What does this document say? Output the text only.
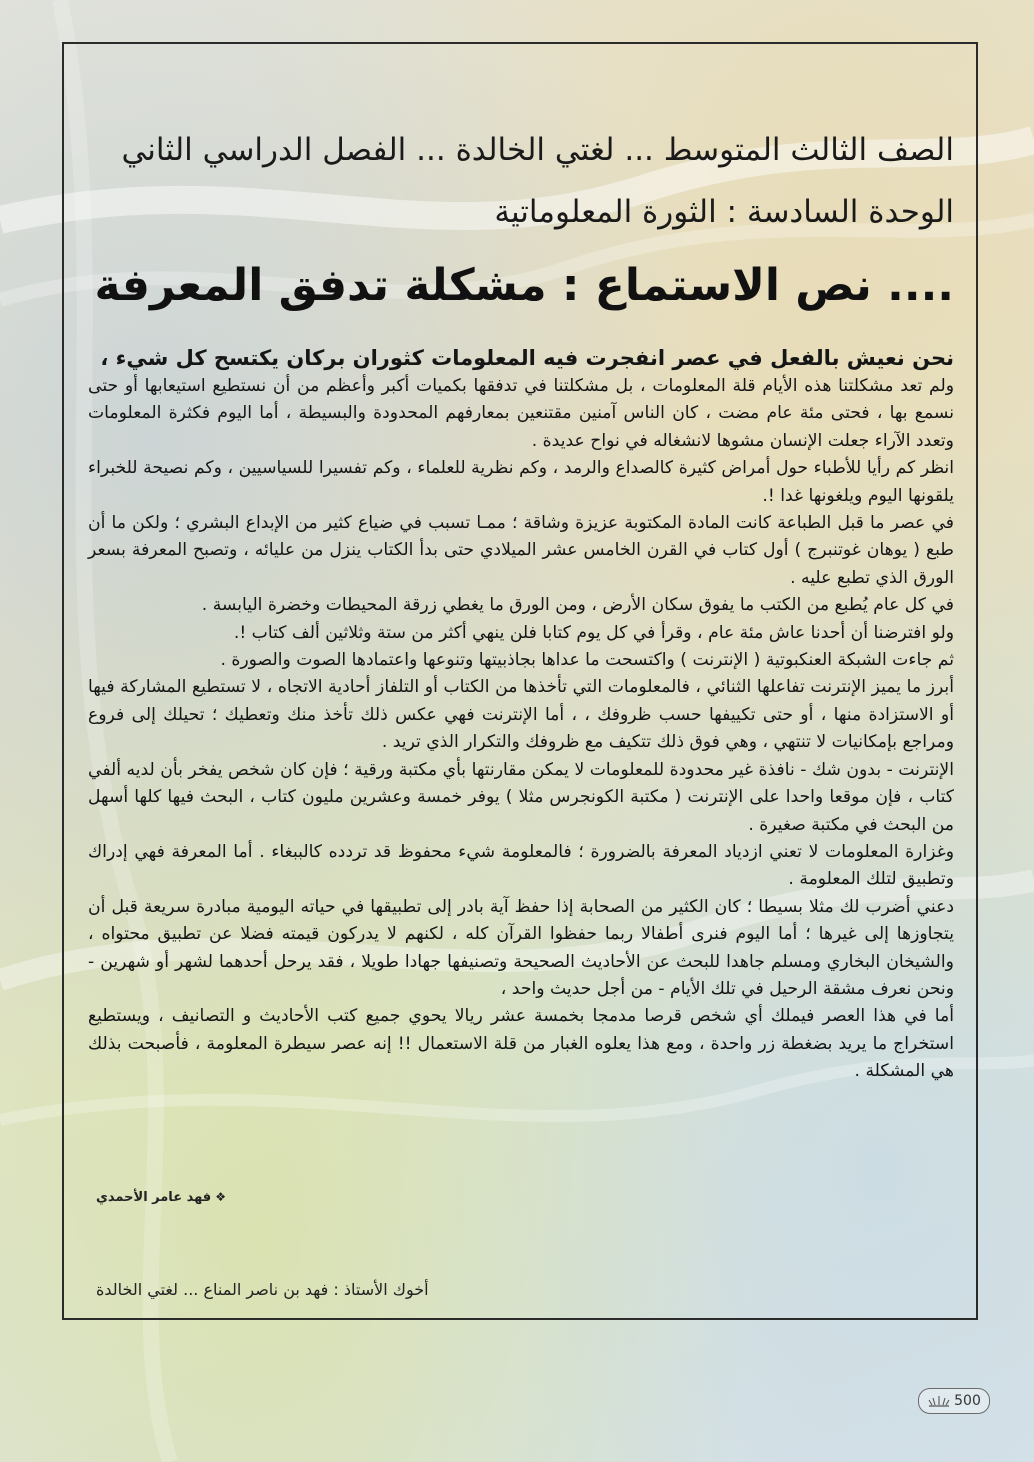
الصف الثالث المتوسط ... لغتي الخالدة ... الفصل الدراسي الثاني
الوحدة السادسة : الثورة المعلوماتية
.... نص الاستماع : مشكلة تدفق المعرفة

نحن نعيش بالفعل في عصر انفجرت فيه المعلومات كثوران بركان يكتسح كل شيء ،

ولم تعد مشكلتنا هذه الأيام قلة المعلومات ، بل مشكلتنا في تدفقها بكميات أكبر وأعظم من أن نستطيع استيعابها أو حتى نسمع بها ، فحتى مئة عام مضت ، كان الناس آمنين مقتنعين بمعارفهم المحدودة والبسيطة ، أما اليوم فكثرة المعلومات وتعدد الآراء جعلت الإنسان مشوها لانشغاله في نواح عديدة .

انظر كم رأيا للأطباء حول أمراض كثيرة كالصداع والرمد ، وكم نظرية للعلماء ، وكم تفسيرا للسياسيين ، وكم نصيحة للخبراء يلقونها اليوم ويلغونها غدا !.

في عصر ما قبل الطباعة كانت المادة المكتوبة عزيزة وشاقة ؛ ممـا تسبب في ضياع كثير من الإبداع البشري ؛ ولكن ما أن طبع ( يوهان غوتنبرج ) أول كتاب في القرن الخامس عشر الميلادي حتى بدأ الكتاب ينزل من عليائه ، وتصبح المعرفة بسعر الورق الذي تطبع عليه .

في كل عام يُطبع من الكتب ما يفوق سكان الأرض ، ومن الورق ما يغطي زرقة المحيطات وخضرة اليابسة .

ولو افترضنا أن أحدنا عاش مئة عام ، وقرأ في كل يوم كتابا فلن ينهي أكثر من ستة وثلاثين ألف كتاب !.

ثم جاءت الشبكة العنكبوتية ( الإنترنت ) واكتسحت ما عداها بجاذبيتها وتنوعها واعتمادها الصوت والصورة .

أبرز ما يميز الإنترنت تفاعلها الثنائي ، فالمعلومات التي تأخذها من الكتاب أو التلفاز أحادية الاتجاه ، لا تستطيع المشاركة فيها أو الاستزادة منها ، أو حتى تكييفها حسب ظروفك ، ، أما الإنترنت فهي عكس ذلك تأخذ منك وتعطيك ؛ تحيلك إلى فروع ومراجع بإمكانيات لا تنتهي ، وهي فوق ذلك تتكيف مع ظروفك والتكرار الذي تريد .

الإنترنت - بدون شك - نافذة غير محدودة للمعلومات لا يمكن مقارنتها بأي مكتبة ورقية ؛ فإن كان شخص يفخر بأن لديه ألفي كتاب ، فإن موقعا واحدا على الإنترنت ( مكتبة الكونجرس مثلا ) يوفر خمسة وعشرين مليون كتاب ، البحث فيها كلها أسهل من البحث في مكتبة صغيرة .

وغزارة المعلومات لا تعني ازدياد المعرفة بالضرورة ؛ فالمعلومة شيء محفوظ قد تردده كالببغاء . أما المعرفة فهي إدراك وتطبيق لتلك المعلومة .

دعني أضرب لك مثلا بسيطا ؛ كان الكثير من الصحابة إذا حفظ آية بادر إلى تطبيقها في حياته اليومية مبادرة سريعة قبل أن يتجاوزها إلى غيرها ؛ أما اليوم فنرى أطفالا ربما حفظوا القرآن كله ، لكنهم لا يدركون قيمته فضلا عن تطبيق محتواه ، والشيخان البخاري ومسلم جاهدا للبحث عن الأحاديث الصحيحة وتصنيفها جهادا طويلا ، فقد يرحل أحدهما لشهر أو شهرين - ونحن نعرف مشقة الرحيل في تلك الأيام - من أجل حديث واحد ،

أما في هذا العصر فيملك أي شخص قرصا مدمجا بخمسة عشر ريالا يحوي جميع كتب الأحاديث و التصانيف ، ويستطيع استخراج ما يريد بضغطة زر واحدة ، ومع هذا يعلوه الغبار من قلة الاستعمال !! إنه عصر سيطرة المعلومة ، فأصبحت بذلك هي المشكلة .

❖فهد عامر الأحمدي
أخوك الأستاذ : فهد بن ناصر المناع ... لغتي الخالدة
500
